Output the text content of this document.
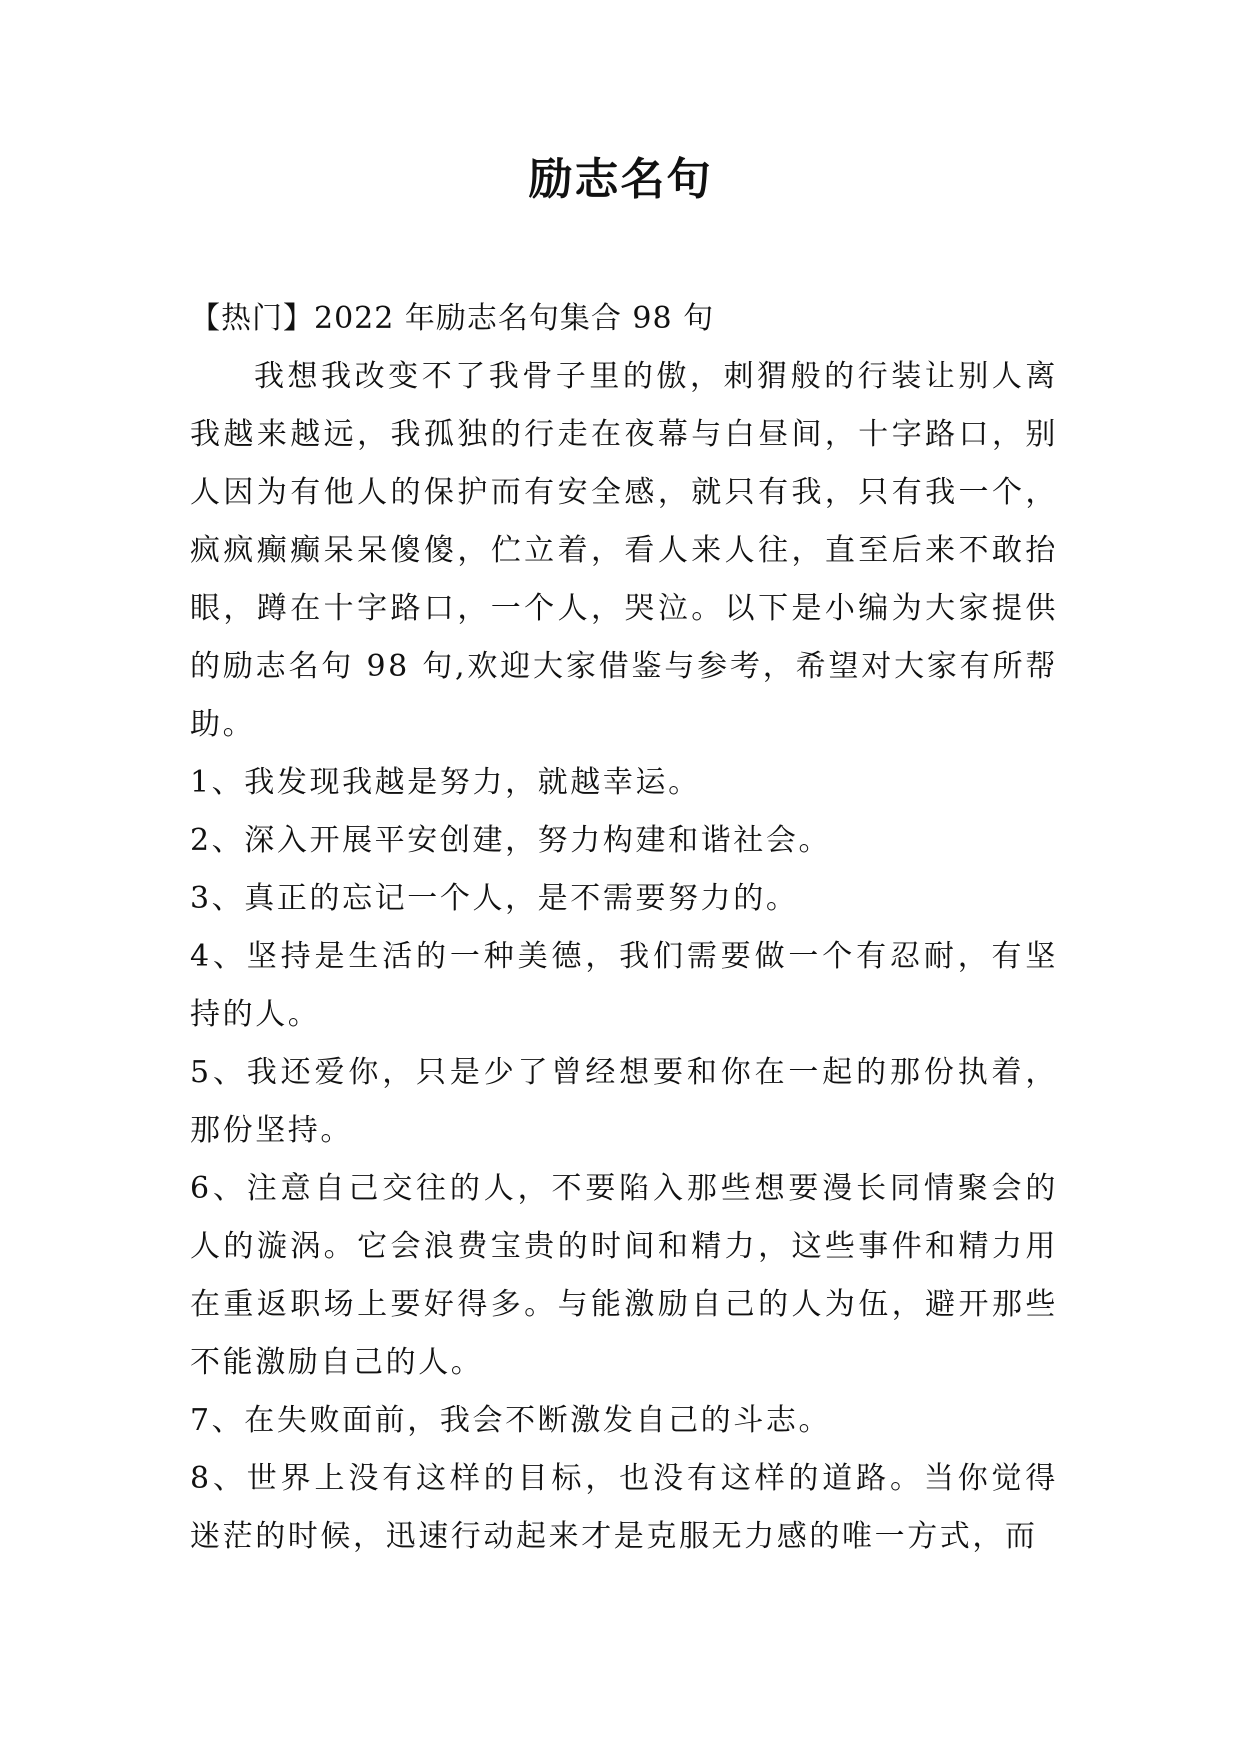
励志名句

【热门】2022 年励志名句集合 98 句

我想我改变不了我骨子里的傲，刺猬般的行装让别人离我越来越远，我孤独的行走在夜幕与白昼间，十字路口，别人因为有他人的保护而有安全感，就只有我，只有我一个，疯疯癫癫呆呆傻傻，伫立着，看人来人往，直至后来不敢抬眼，蹲在十字路口，一个人，哭泣。以下是小编为大家提供的励志名句 98 句,欢迎大家借鉴与参考，希望对大家有所帮助。

1、我发现我越是努力，就越幸运。

2、深入开展平安创建，努力构建和谐社会。

3、真正的忘记一个人，是不需要努力的。

4、坚持是生活的一种美德，我们需要做一个有忍耐，有坚持的人。

5、我还爱你，只是少了曾经想要和你在一起的那份执着，那份坚持。

6、注意自己交往的人，不要陷入那些想要漫长同情聚会的人的漩涡。它会浪费宝贵的时间和精力，这些事件和精力用在重返职场上要好得多。与能激励自己的人为伍，避开那些不能激励自己的人。

7、在失败面前，我会不断激发自己的斗志。

8、世界上没有这样的目标，也没有这样的道路。当你觉得迷茫的时候，迅速行动起来才是克服无力感的唯一方式，而
